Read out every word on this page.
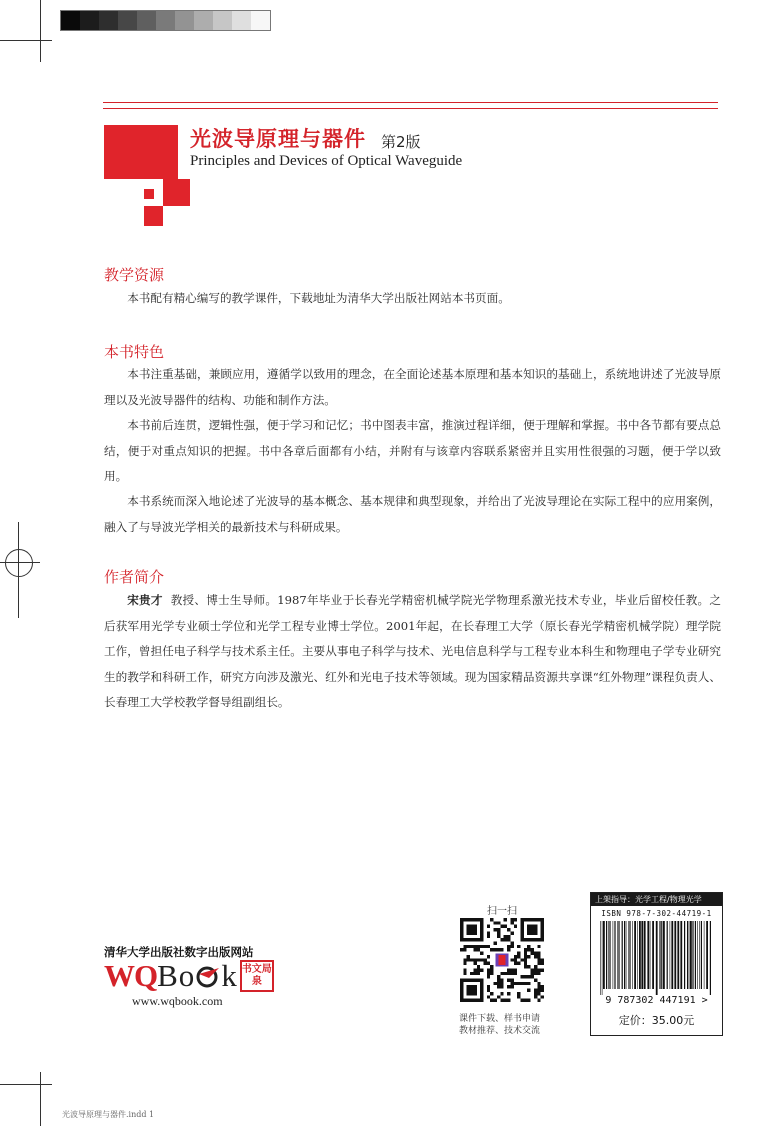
光波导原理与器件 第2版
Principles and Devices of Optical Waveguide
教学资源
本书配有精心编写的教学课件，下载地址为清华大学出版社网站本书页面。
本书特色
本书注重基础，兼顾应用，遵循学以致用的理念，在全面论述基本原理和基本知识的基础上，系统地讲述了光波导原理以及光波导器件的结构、功能和制作方法。
本书前后连贯，逻辑性强，便于学习和记忆；书中图表丰富，推演过程详细，便于理解和掌握。书中各节都有要点总结，便于对重点知识的把握。书中各章后面都有小结，并附有与该章内容联系紧密并且实用性很强的习题，便于学以致用。
本书系统而深入地论述了光波导的基本概念、基本规律和典型现象，并给出了光波导理论在实际工程中的应用案例，融入了与导波光学相关的最新技术与科研成果。
作者简介
宋贵才 教授、博士生导师。1987年毕业于长春光学精密机械学院光学物理系激光技术专业，毕业后留校任教。之后获军用光学专业硕士学位和光学工程专业博士学位。2001年起，在长春理工大学（原长春光学精密机械学院）理学院工作，曾担任电子科学与技术系主任。主要从事电子科学与技术、光电信息科学与工程专业本科生和物理电子学专业研究生的教学和科研工作，研究方向涉及激光、红外和光电子技术等领域。现为国家精品资源共享课“红外物理”课程负责人、长春理工大学校教学督导组副组长。
清华大学出版社数字出版网站
WQ Bo k 书文局泉
www.wqbook.com
扫一扫
课件下载、样书申请
教材推荐、技术交流
上架指导：光学工程/物理光学
ISBN 978-7-302-44719-1
9 787302 447191 >
定价：35.00元
光波导原理与器件.indd 1
